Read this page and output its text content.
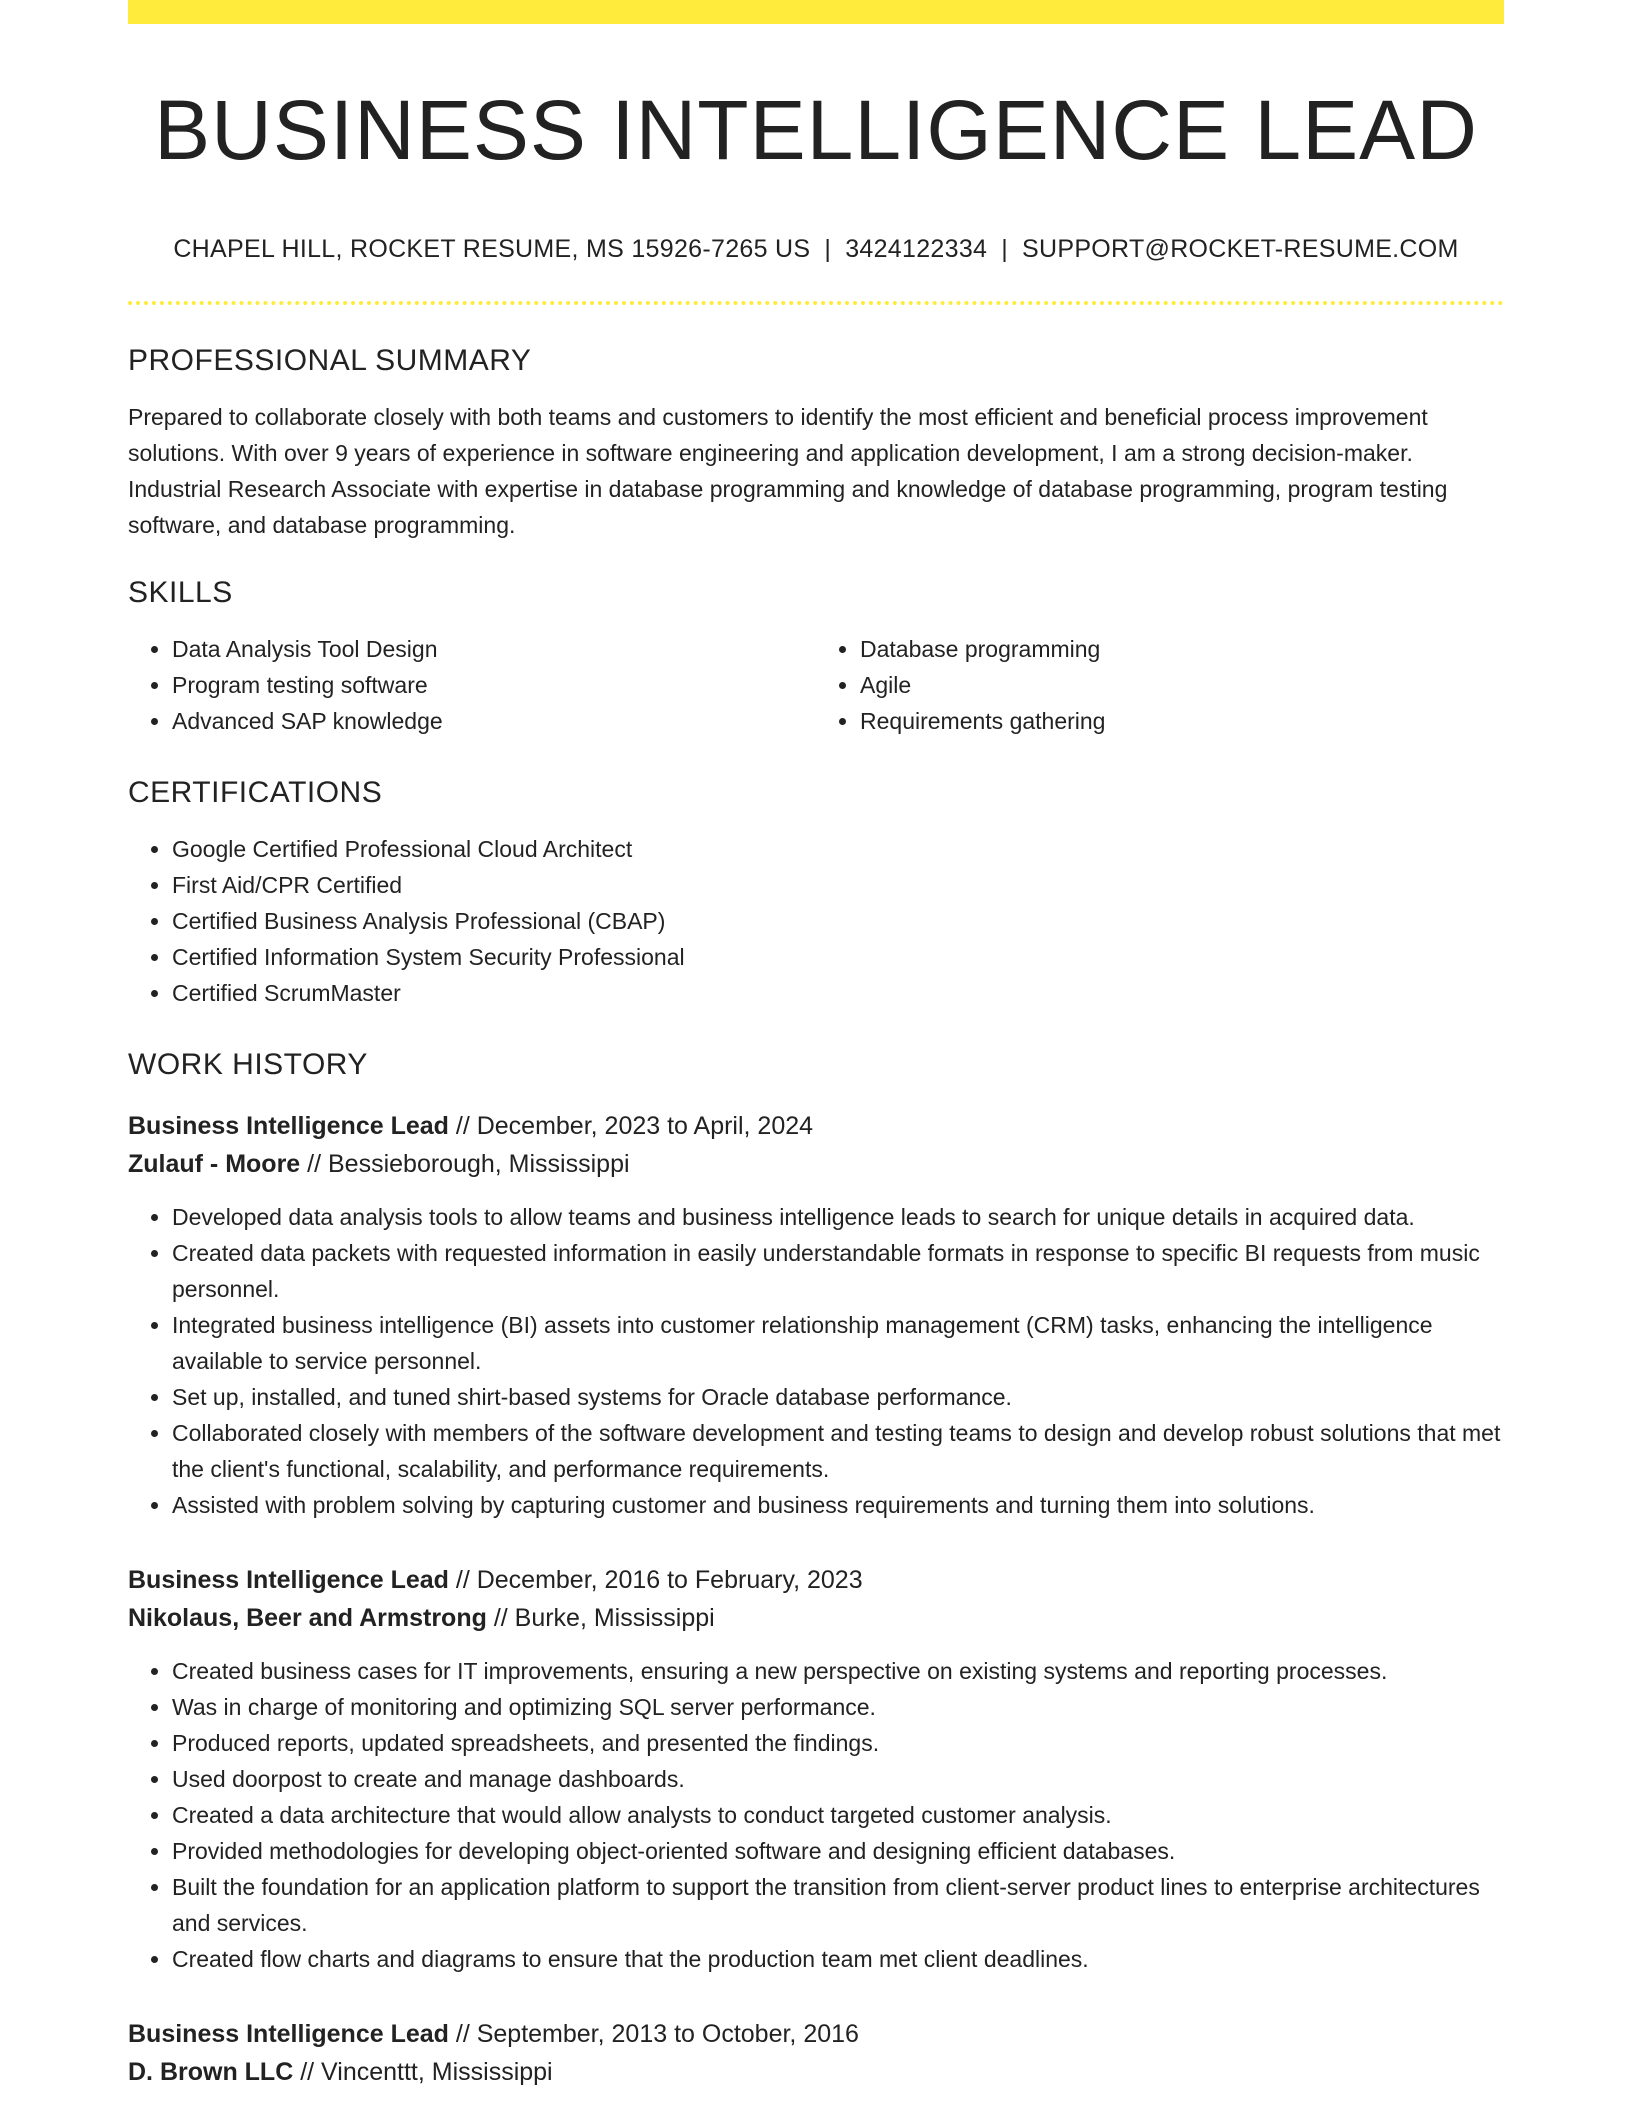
BUSINESS INTELLIGENCE LEAD
CHAPEL HILL, ROCKET RESUME, MS 15926-7265 US | 3424122334 | SUPPORT@ROCKET-RESUME.COM
PROFESSIONAL SUMMARY

Prepared to collaborate closely with both teams and customers to identify the most efficient and beneficial process improvement solutions. With over 9 years of experience in software engineering and application development, I am a strong decision-maker. Industrial Research Associate with expertise in database programming and knowledge of database programming, program testing software, and database programming.

SKILLS
• Data Analysis Tool Design
• Program testing software
• Advanced SAP knowledge
• Database programming
• Agile
• Requirements gathering
CERTIFICATIONS
• Google Certified Professional Cloud Architect
• First Aid/CPR Certified
• Certified Business Analysis Professional (CBAP)
• Certified Information System Security Professional
• Certified ScrumMaster
WORK HISTORY
Business Intelligence Lead // December, 2023 to April, 2024
Zulauf - Moore // Bessieborough, Mississippi
• Developed data analysis tools to allow teams and business intelligence leads to search for unique details in acquired data.
• Created data packets with requested information in easily understandable formats in response to specific BI requests from music personnel.
• Integrated business intelligence (BI) assets into customer relationship management (CRM) tasks, enhancing the intelligence available to service personnel.
• Set up, installed, and tuned shirt-based systems for Oracle database performance.
• Collaborated closely with members of the software development and testing teams to design and develop robust solutions that met the client's functional, scalability, and performance requirements.
• Assisted with problem solving by capturing customer and business requirements and turning them into solutions.
Business Intelligence Lead // December, 2016 to February, 2023
Nikolaus, Beer and Armstrong // Burke, Mississippi
• Created business cases for IT improvements, ensuring a new perspective on existing systems and reporting processes.
• Was in charge of monitoring and optimizing SQL server performance.
• Produced reports, updated spreadsheets, and presented the findings.
• Used doorpost to create and manage dashboards.
• Created a data architecture that would allow analysts to conduct targeted customer analysis.
• Provided methodologies for developing object-oriented software and designing efficient databases.
• Built the foundation for an application platform to support the transition from client-server product lines to enterprise architectures and services.
• Created flow charts and diagrams to ensure that the production team met client deadlines.
Business Intelligence Lead // September, 2013 to October, 2016
D. Brown LLC // Vincenttt, Mississippi
